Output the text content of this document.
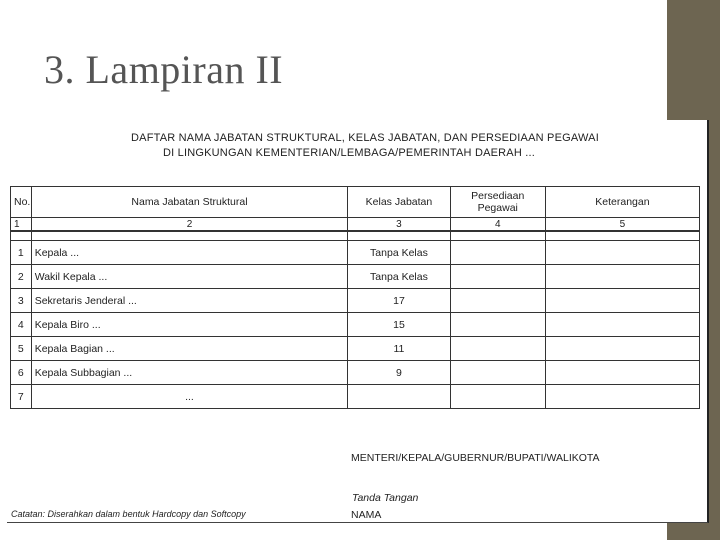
3. Lampiran II
DAFTAR NAMA JABATAN STRUKTURAL, KELAS JABATAN, DAN PERSEDIAAN PEGAWAI
DI LINGKUNGAN KEMENTERIAN/LEMBAGA/PEMERINTAH DAERAH ...
No.	Nama Jabatan Struktural	Kelas Jabatan	Persediaan Pegawai	Keterangan
1	2	3	4	5

1	Kepala ...	Tanpa Kelas		
2	Wakil Kepala ...	Tanpa Kelas		
3	Sekretaris Jenderal ...	17		
4	Kepala Biro ...	15		
5	Kepala Bagian ...	11		
6	Kepala Subbagian ...	9		
7	...			
MENTERI/KEPALA/GUBERNUR/BUPATI/WALIKOTA
Tanda Tangan
NAMA
Catatan: Diserahkan dalam bentuk Hardcopy dan Softcopy
